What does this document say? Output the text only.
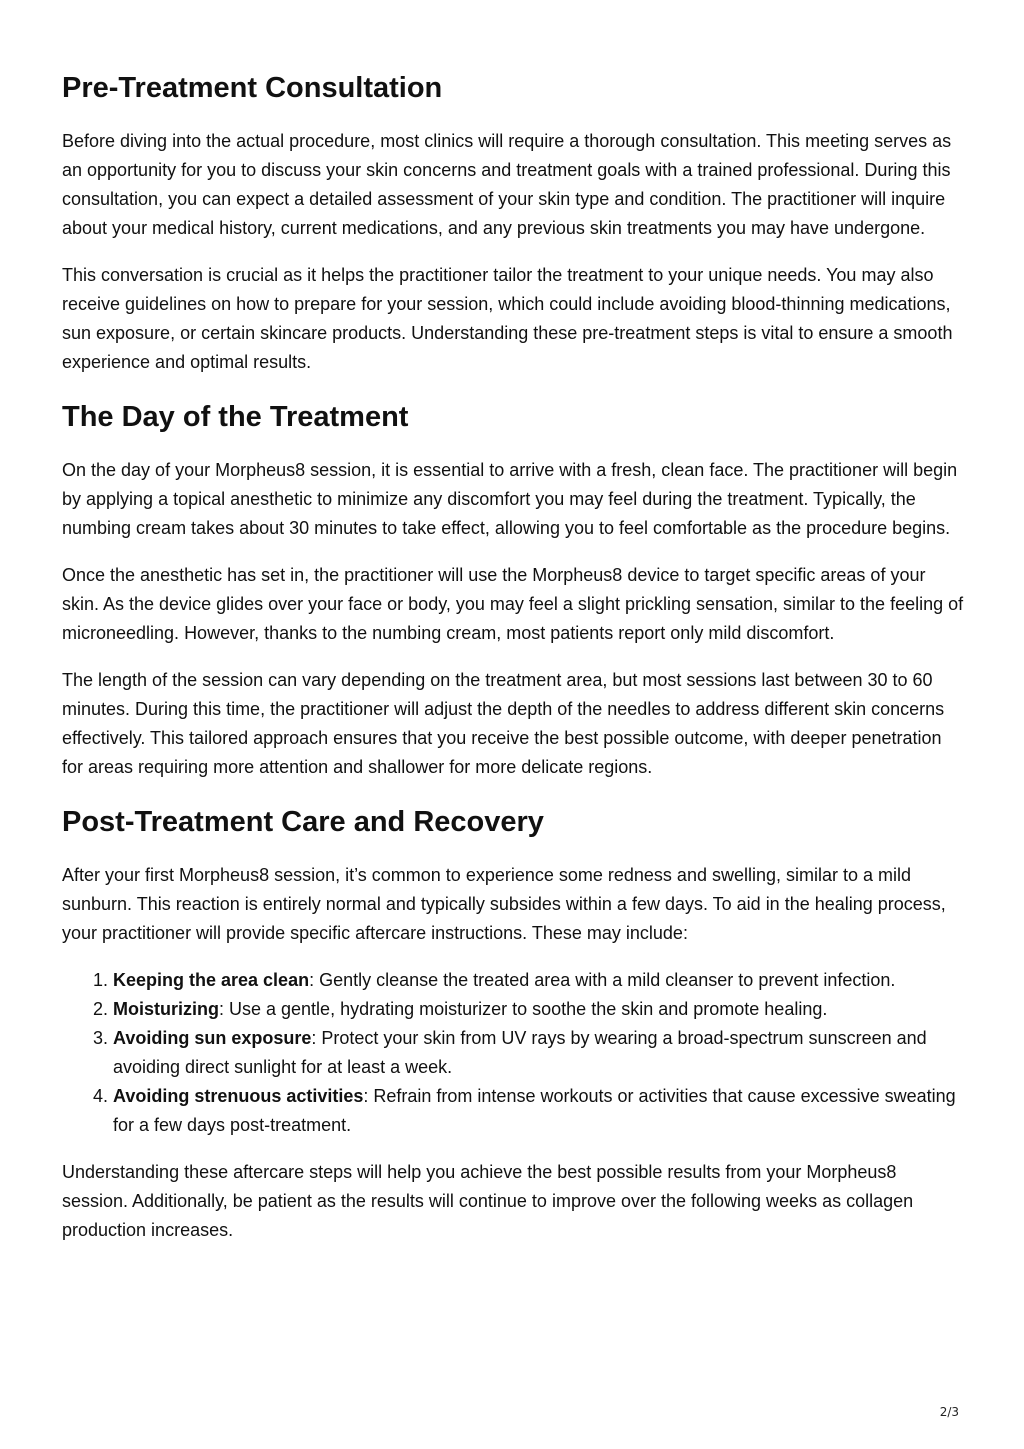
Pre-Treatment Consultation

Before diving into the actual procedure, most clinics will require a thorough consultation. This meeting serves as an opportunity for you to discuss your skin concerns and treatment goals with a trained professional. During this consultation, you can expect a detailed assessment of your skin type and condition. The practitioner will inquire about your medical history, current medications, and any previous skin treatments you may have undergone.

This conversation is crucial as it helps the practitioner tailor the treatment to your unique needs. You may also receive guidelines on how to prepare for your session, which could include avoiding blood-thinning medications, sun exposure, or certain skincare products. Understanding these pre-treatment steps is vital to ensure a smooth experience and optimal results.

The Day of the Treatment

On the day of your Morpheus8 session, it is essential to arrive with a fresh, clean face. The practitioner will begin by applying a topical anesthetic to minimize any discomfort you may feel during the treatment. Typically, the numbing cream takes about 30 minutes to take effect, allowing you to feel comfortable as the procedure begins.

Once the anesthetic has set in, the practitioner will use the Morpheus8 device to target specific areas of your skin. As the device glides over your face or body, you may feel a slight prickling sensation, similar to the feeling of microneedling. However, thanks to the numbing cream, most patients report only mild discomfort.

The length of the session can vary depending on the treatment area, but most sessions last between 30 to 60 minutes. During this time, the practitioner will adjust the depth of the needles to address different skin concerns effectively. This tailored approach ensures that you receive the best possible outcome, with deeper penetration for areas requiring more attention and shallower for more delicate regions.

Post-Treatment Care and Recovery

After your first Morpheus8 session, it’s common to experience some redness and swelling, similar to a mild sunburn. This reaction is entirely normal and typically subsides within a few days. To aid in the healing process, your practitioner will provide specific aftercare instructions. These may include:

1. Keeping the area clean: Gently cleanse the treated area with a mild cleanser to prevent infection.
2. Moisturizing: Use a gentle, hydrating moisturizer to soothe the skin and promote healing.
3. Avoiding sun exposure: Protect your skin from UV rays by wearing a broad-spectrum sunscreen and avoiding direct sunlight for at least a week.
4. Avoiding strenuous activities: Refrain from intense workouts or activities that cause excessive sweating for a few days post-treatment.

Understanding these aftercare steps will help you achieve the best possible results from your Morpheus8 session. Additionally, be patient as the results will continue to improve over the following weeks as collagen production increases.

2/3
